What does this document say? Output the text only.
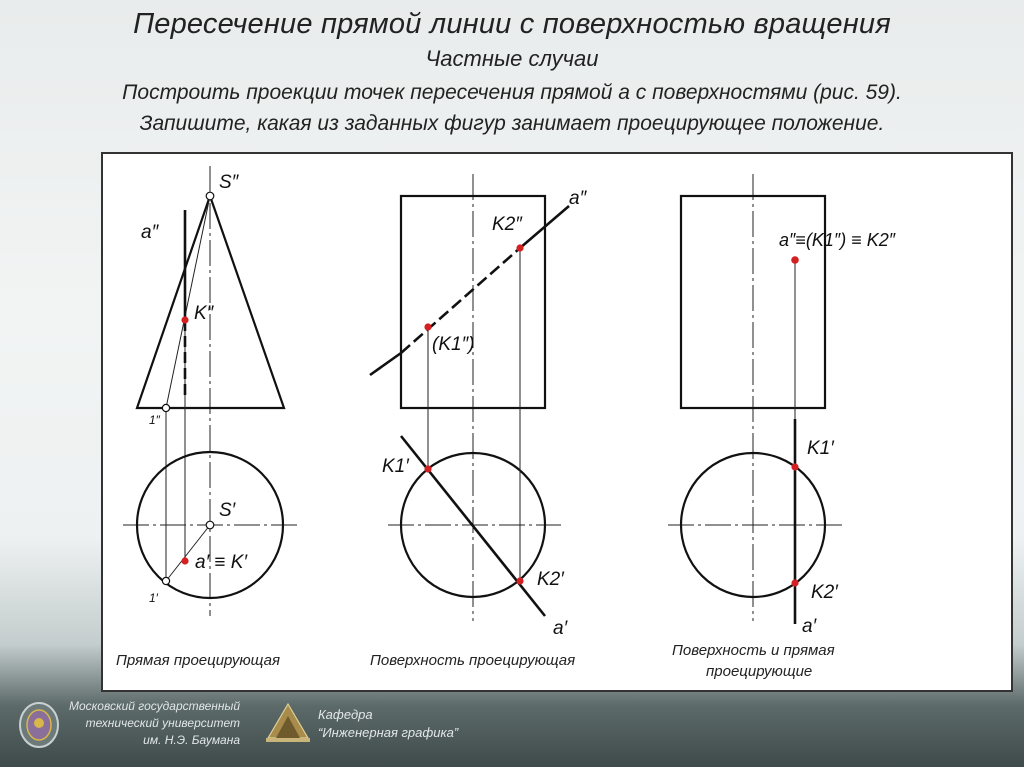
Пересечение прямой линии с поверхностью вращения
Частные случаи
Построить проекции точек пересечения прямой а с поверхностями (рис. 59).
Запишите, какая из заданных фигур занимает проецирующее положение.
a″
S″
K″
1″
S′
a′ ≡ K′
1′
Прямая проецирующая
a″
K2″
(K1″)
K1′
K2′
a′
Поверхность проецирующая
a″≡(K1″) ≡ K2″
K1′
K2′
a′
Поверхность и прямая
проецирующие
Московский государственный
технический университет
им. Н.Э. Баумана
Кафедра
“Инженерная графика”
